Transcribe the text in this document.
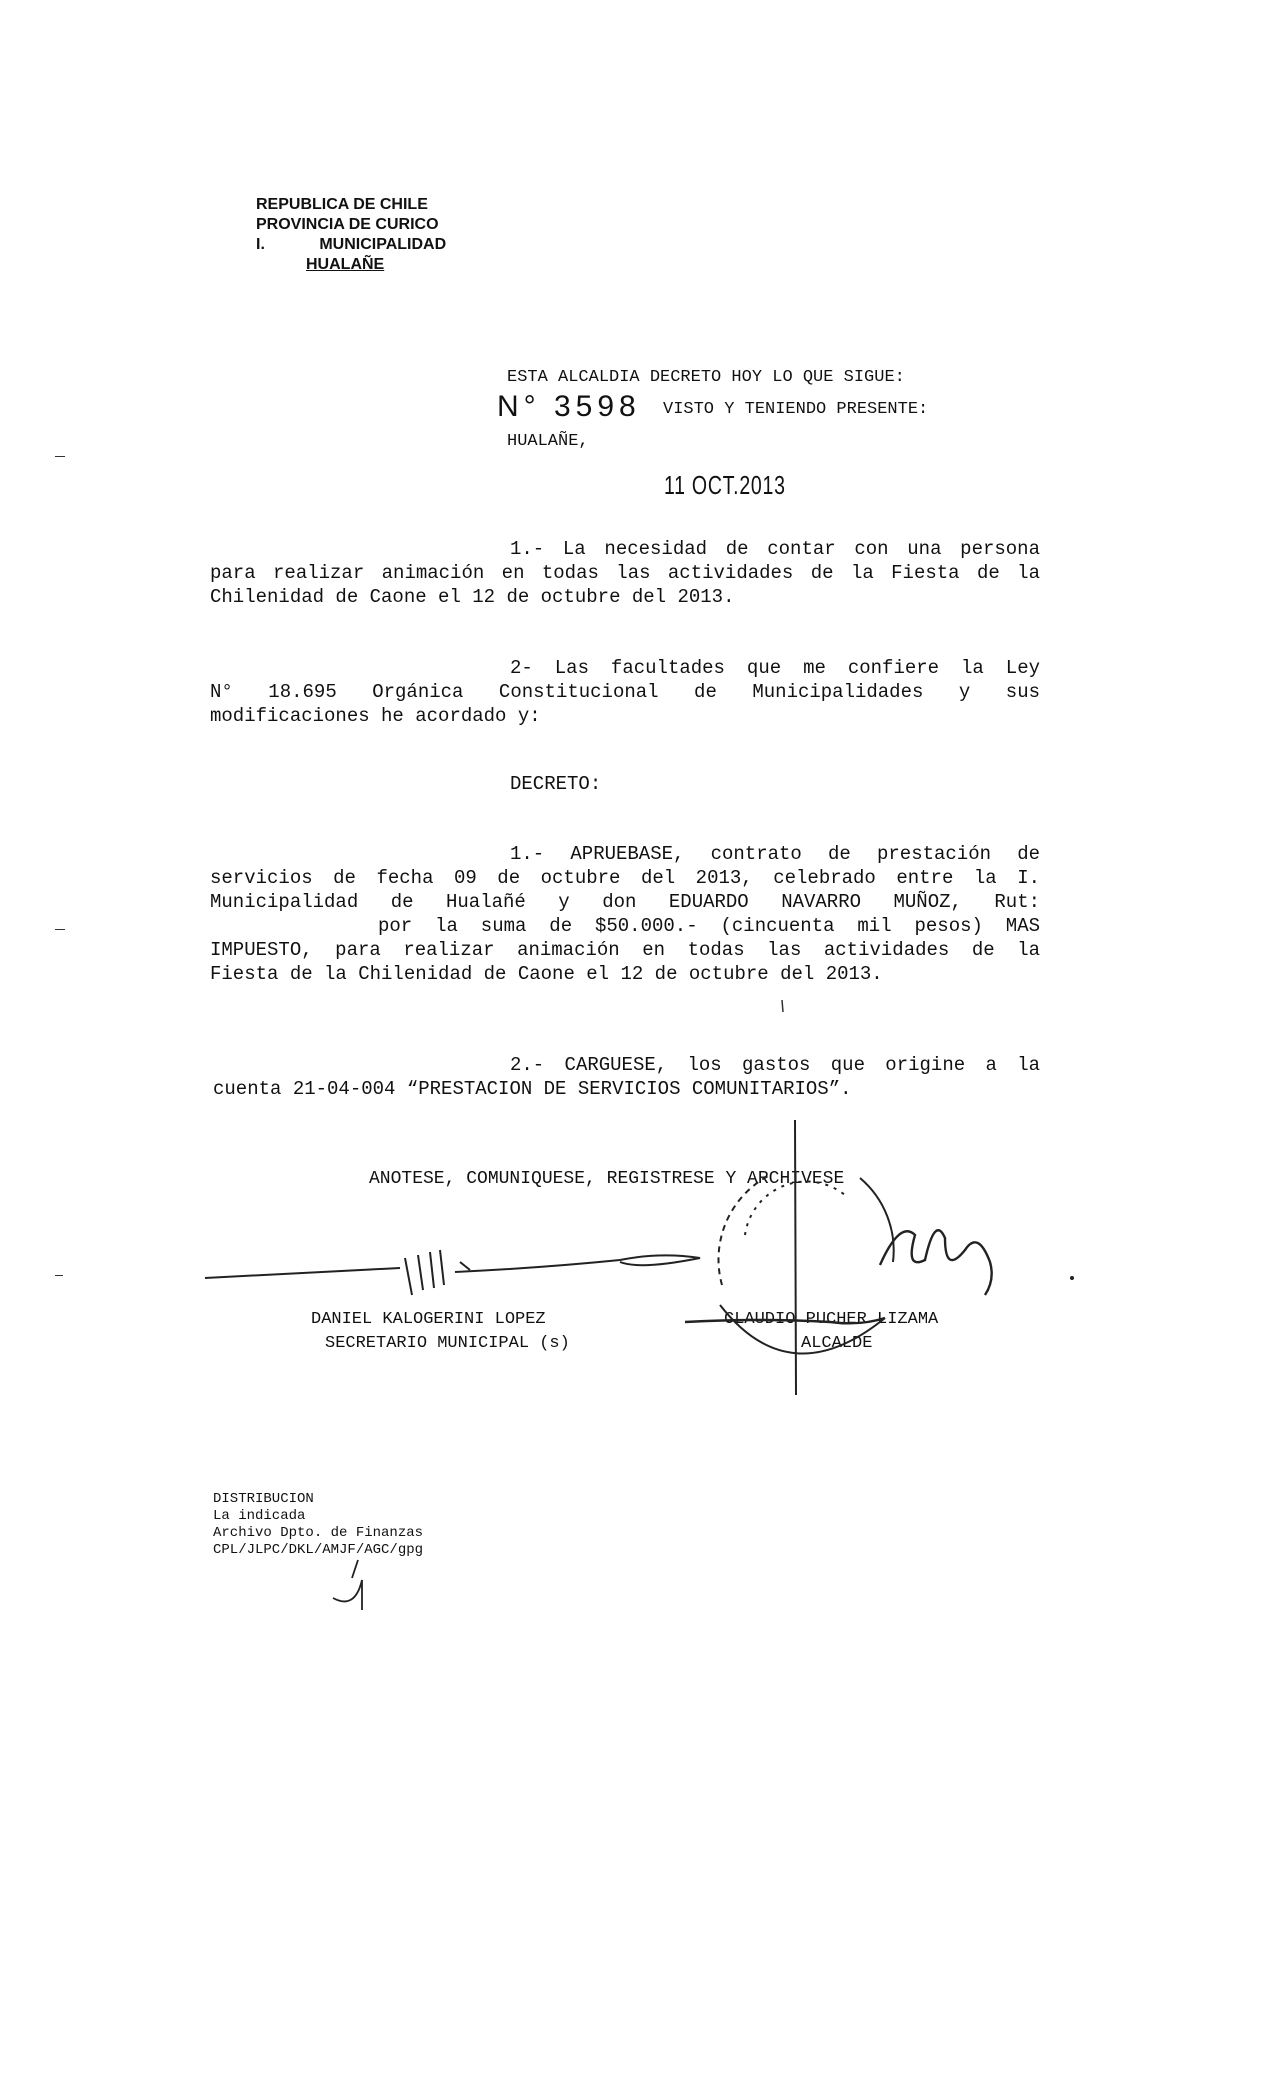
REPUBLICA DE CHILE
PROVINCIA DE CURICO
I.	MUNICIPALIDAD
HUALAÑE
ESTA ALCALDIA DECRETO HOY LO QUE SIGUE:
N° 3598 VISTO Y TENIENDO PRESENTE:
HUALAÑE,
11 OCT.2013
1.- La necesidad de contar con una persona
para realizar animación en todas las actividades de la Fiesta de la
Chilenidad de Caone el 12 de octubre del 2013.
2- Las facultades que me confiere la Ley
N° 18.695 Orgánica Constitucional de Municipalidades y sus
modificaciones he acordado y:
DECRETO:
1.- APRUEBASE, contrato de prestación de
servicios de fecha 09 de octubre del 2013, celebrado entre la I.
Municipalidad de Hualañé y don EDUARDO NAVARRO MUÑOZ, Rut:
por la suma de $50.000.- (cincuenta mil pesos) MAS
IMPUESTO, para realizar animación en todas las actividades de la
Fiesta de la Chilenidad de Caone el 12 de octubre del 2013.
2.- CARGUESE, los gastos que origine a la
cuenta 21-04-004 “PRESTACION DE SERVICIOS COMUNITARIOS”.
ANOTESE, COMUNIQUESE, REGISTRESE Y ARCHIVESE
DANIEL KALOGERINI LOPEZ
SECRETARIO MUNICIPAL (s)
CLAUDIO PUCHER LIZAMA
ALCALDE
DISTRIBUCION
La indicada
Archivo Dpto. de Finanzas
CPL/JLPC/DKL/AMJF/AGC/gpg
